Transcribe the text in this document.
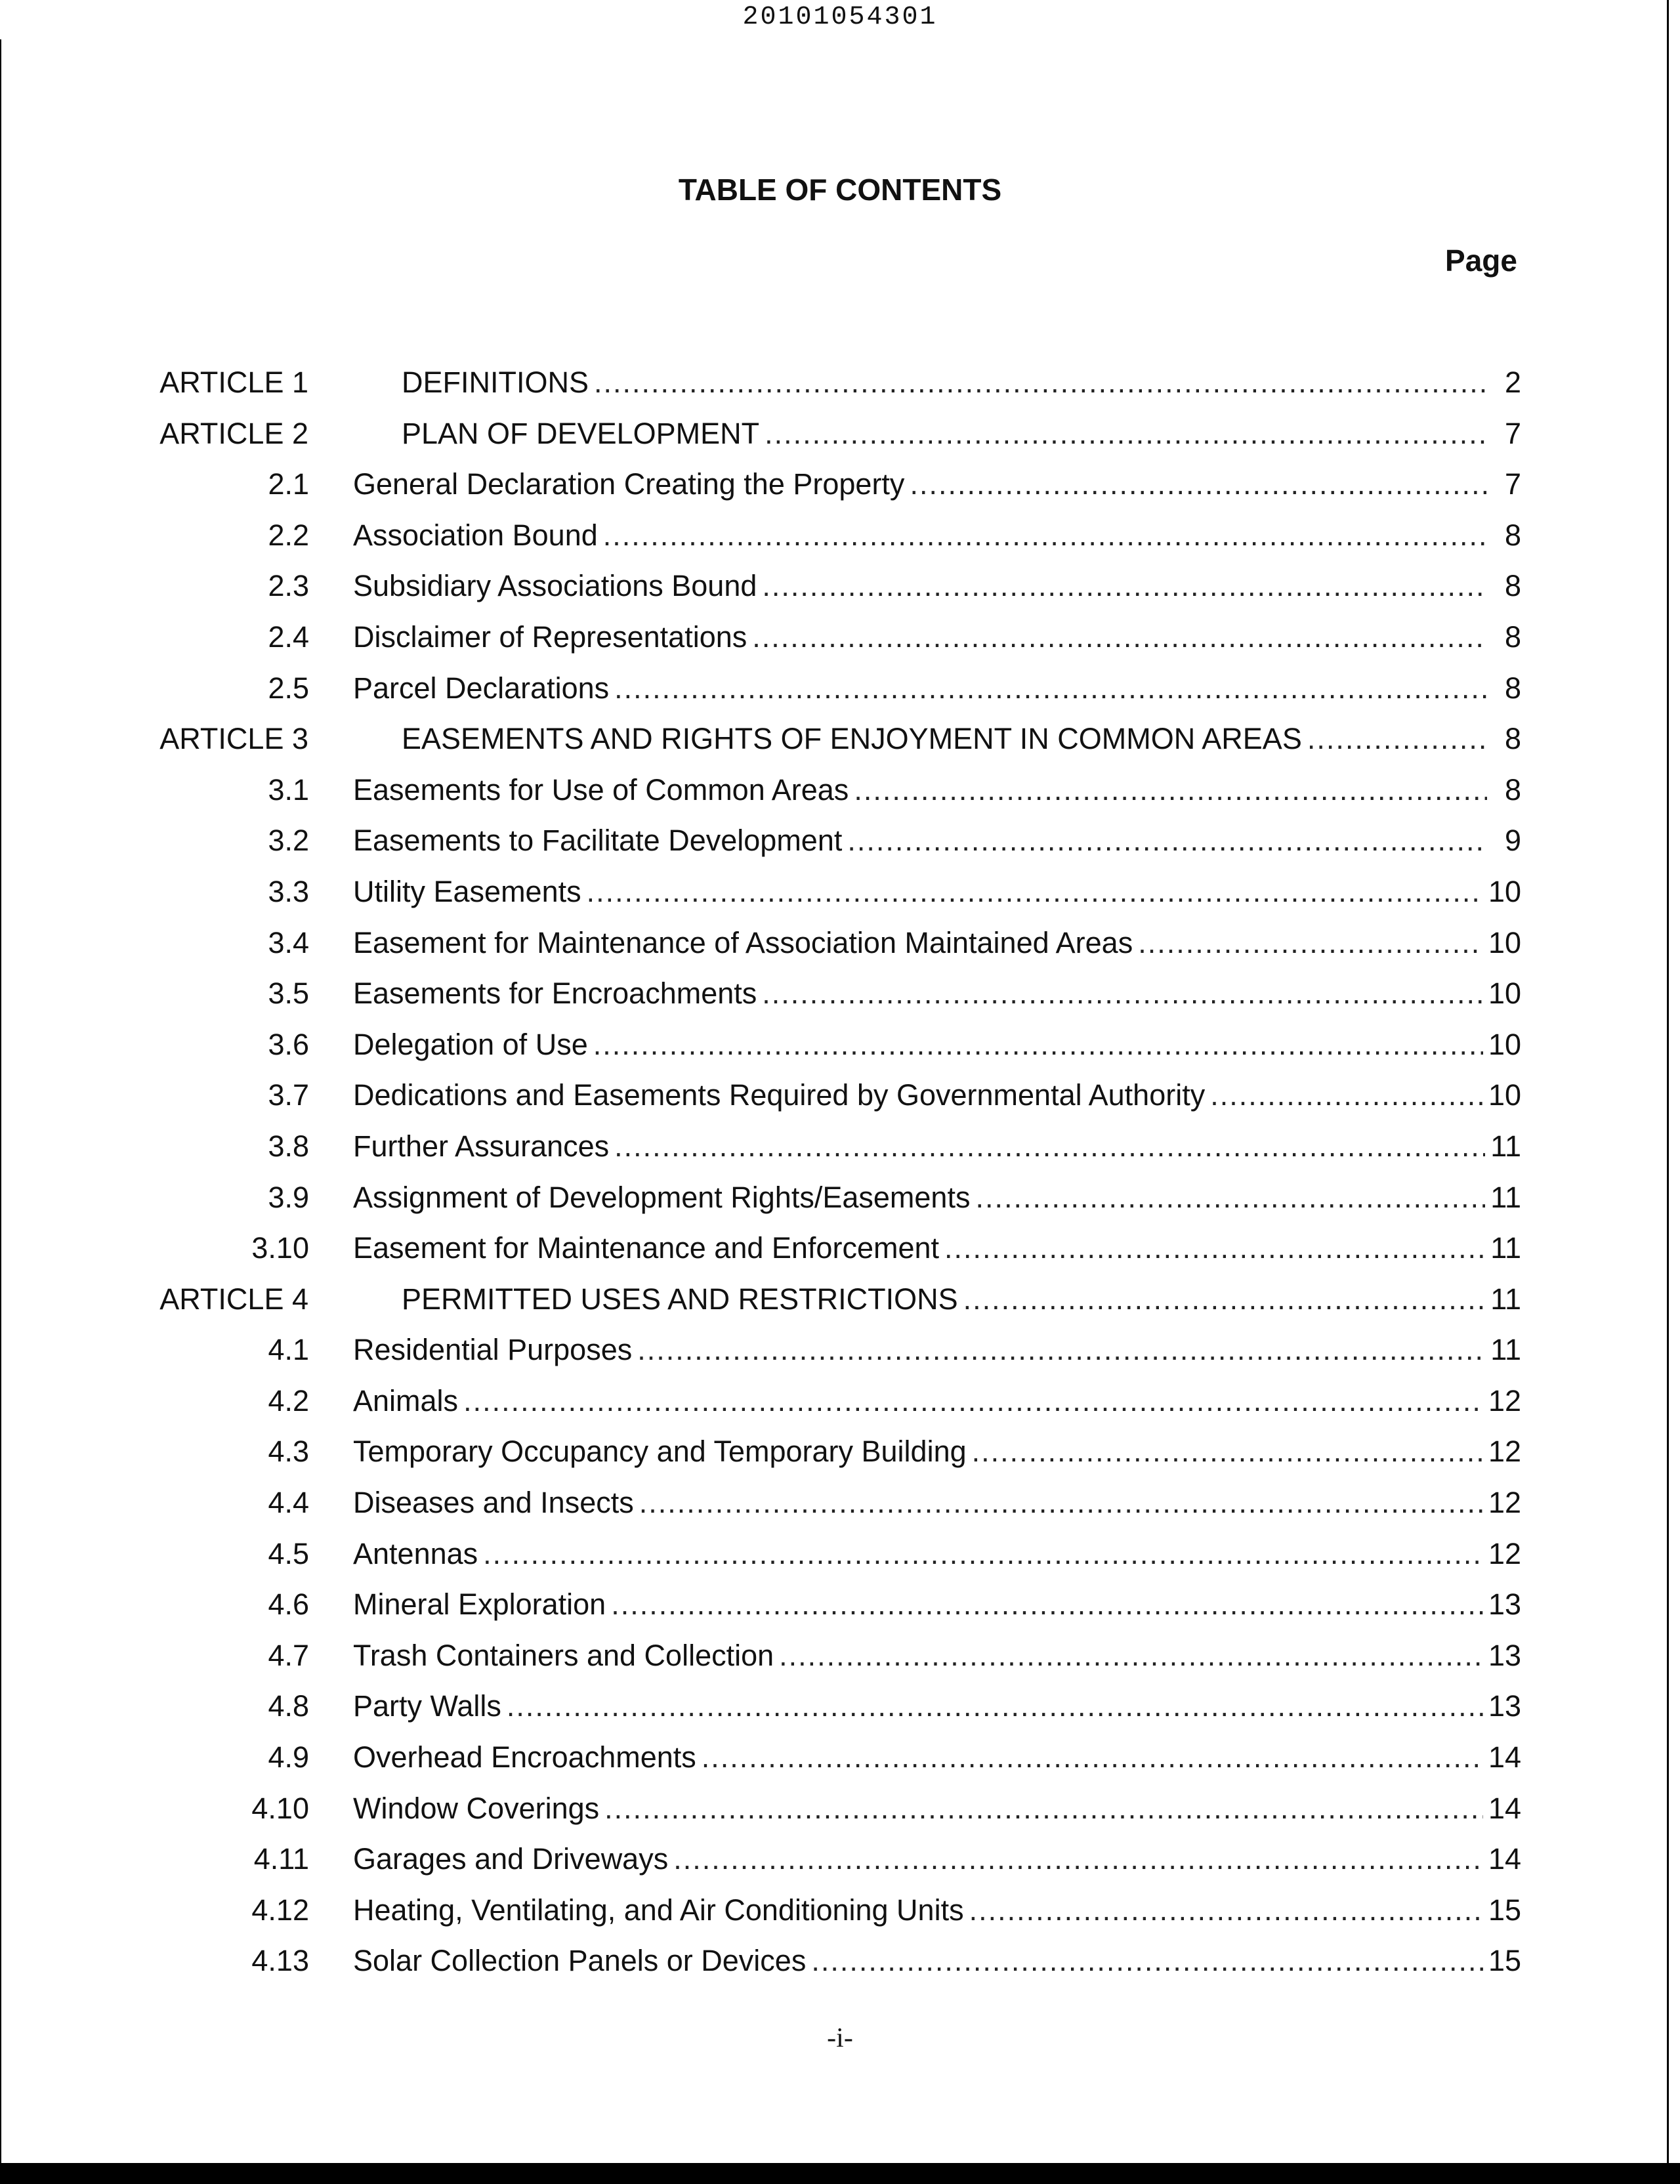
20101054301
TABLE OF CONTENTS
Page
ARTICLE 1	DEFINITIONS .....	2
ARTICLE 2	PLAN OF DEVELOPMENT .....	7
2.1 General Declaration Creating the Property .....	7
2.2 Association Bound .....	8
2.3 Subsidiary Associations Bound .....	8
2.4 Disclaimer of Representations .....	8
2.5 Parcel Declarations .....	8
ARTICLE 3	EASEMENTS AND RIGHTS OF ENJOYMENT IN COMMON AREAS .....	8
3.1 Easements for Use of Common Areas .....	8
3.2 Easements to Facilitate Development .....	9
3.3 Utility Easements .....	10
3.4 Easement for Maintenance of Association Maintained Areas .....	10
3.5 Easements for Encroachments .....	10
3.6 Delegation of Use .....	10
3.7 Dedications and Easements Required by Governmental Authority .....	10
3.8 Further Assurances .....	11
3.9 Assignment of Development Rights/Easements .....	11
3.10 Easement for Maintenance and Enforcement .....	11
ARTICLE 4	PERMITTED USES AND RESTRICTIONS .....	11
4.1 Residential Purposes .....	11
4.2 Animals .....	12
4.3 Temporary Occupancy and Temporary Building .....	12
4.4 Diseases and Insects .....	12
4.5 Antennas .....	12
4.6 Mineral Exploration .....	13
4.7 Trash Containers and Collection .....	13
4.8 Party Walls .....	13
4.9 Overhead Encroachments .....	14
4.10 Window Coverings .....	14
4.11 Garages and Driveways .....	14
4.12 Heating, Ventilating, and Air Conditioning Units .....	15
4.13 Solar Collection Panels or Devices .....	15
-i-
